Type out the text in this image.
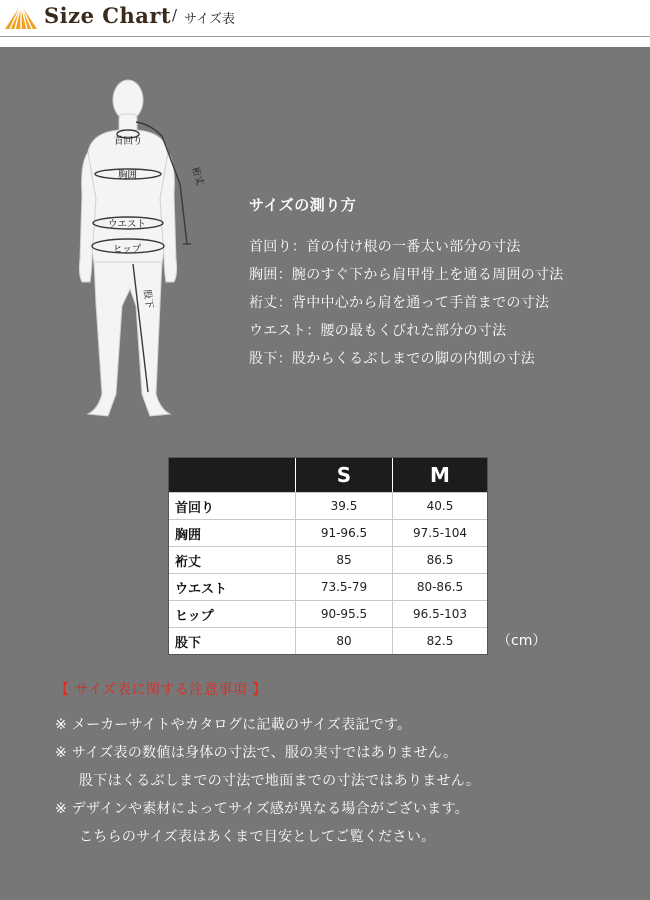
Size Chart / サイズ表
首回り
胸囲
ウエスト
ヒップ
裄丈
股下
サイズの測り方
首回り：首の付け根の一番太い部分の寸法
胸囲：腕のすぐ下から肩甲骨上を通る周囲の寸法
裄丈：背中中心から肩を通って手首までの寸法
ウエスト：腰の最もくびれた部分の寸法
股下：股からくるぶしまでの脚の内側の寸法
	S	M
首回り	39.5	40.5
胸囲	91-96.5	97.5-104
裄丈	85	86.5
ウエスト	73.5-79	80-86.5
ヒップ	90-95.5	96.5-103
股下	80	82.5	（cm）
【 サイズ表に関する注意事項 】
※ メーカーサイトやカタログに記載のサイズ表記です。
※ サイズ表の数値は身体の寸法で、服の実寸ではありません。
股下はくるぶしまでの寸法で地面までの寸法ではありません。
※ デザインや素材によってサイズ感が異なる場合がございます。
こちらのサイズ表はあくまで目安としてご覧ください。
